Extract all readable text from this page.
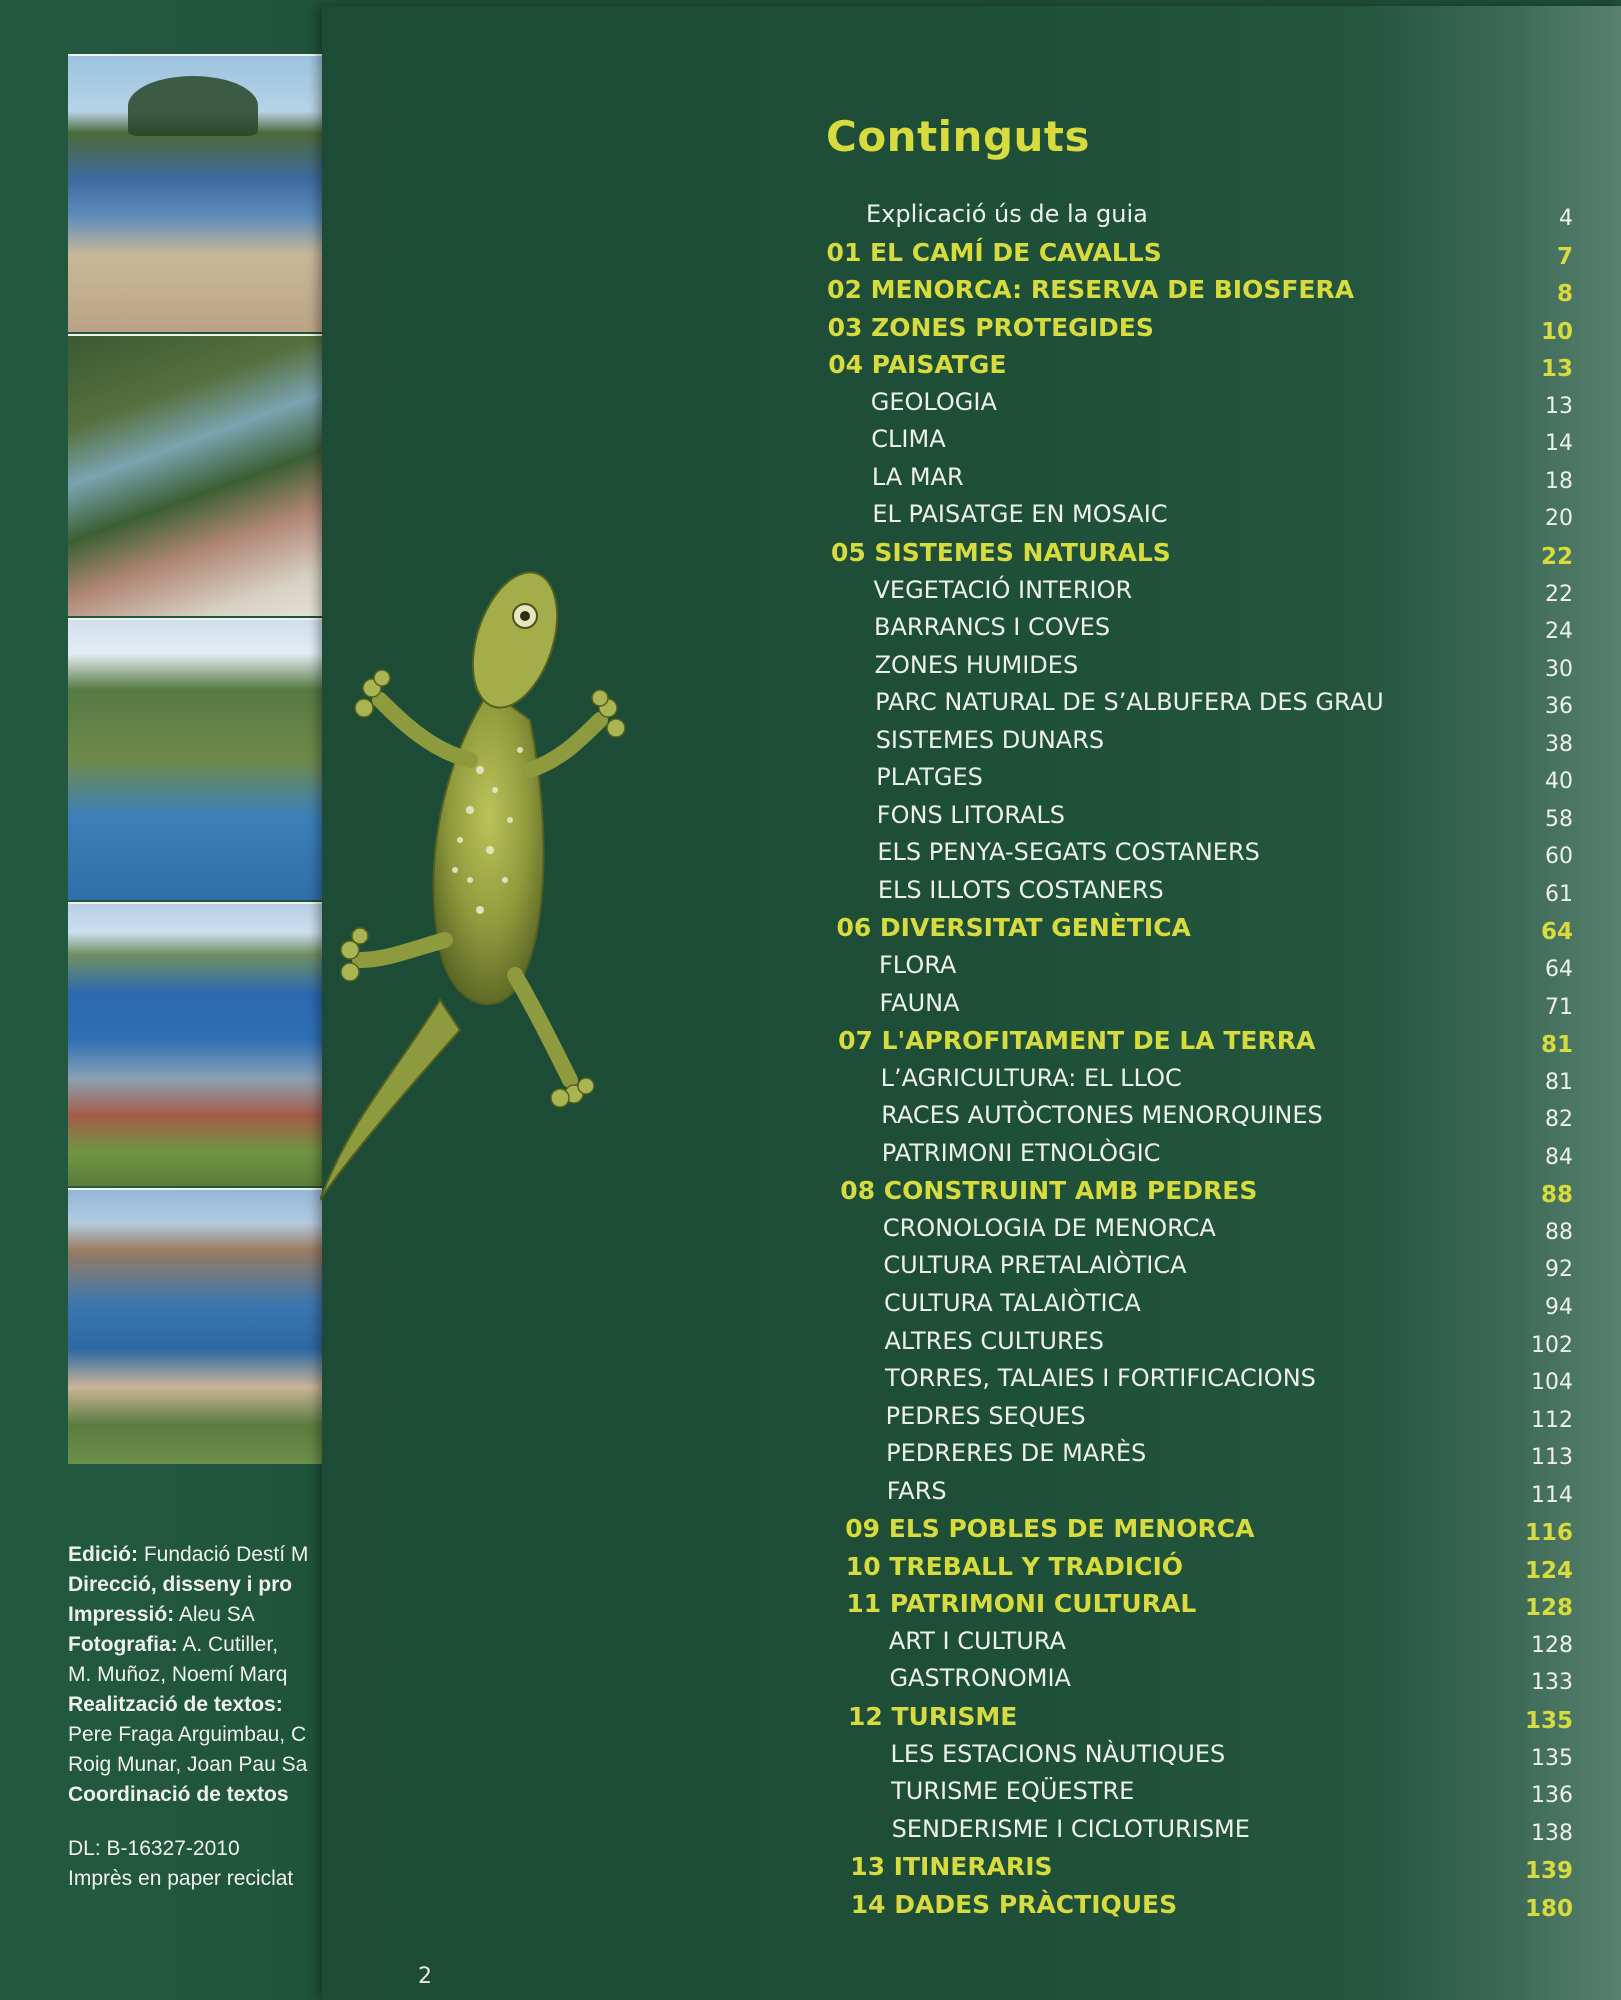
Edició: Fundació Destí M
Direcció, disseny i pro
Impressió: Aleu SA
Fotografia: A. Cutiller,
M. Muñoz, Noemí Marq
Realització de textos:
Pere Fraga Arguimbau, C
Roig Munar, Joan Pau Sa
Coordinació de textos
DL: B-16327-2010
Imprès en paper reciclat
Continguts
Explicació ús de la guia	4
01 EL CAMÍ DE CAVALLS	7
02 MENORCA: RESERVA DE BIOSFERA	8
03 ZONES PROTEGIDES	10
04 PAISATGE	13
GEOLOGIA	13
CLIMA	14
LA MAR	18
EL PAISATGE EN MOSAIC	20
05 SISTEMES NATURALS	22
VEGETACIÓ INTERIOR	22
BARRANCS I COVES	24
ZONES HUMIDES	30
PARC NATURAL DE S’ALBUFERA DES GRAU	36
SISTEMES DUNARS	38
PLATGES	40
FONS LITORALS	58
ELS PENYA-SEGATS COSTANERS	60
ELS ILLOTS COSTANERS	61
06 DIVERSITAT GENÈTICA	64
FLORA	64
FAUNA	71
07 L'APROFITAMENT DE LA TERRA	81
L’AGRICULTURA: EL LLOC	81
RACES AUTÒCTONES MENORQUINES	82
PATRIMONI ETNOLÒGIC	84
08 CONSTRUINT AMB PEDRES	88
CRONOLOGIA DE MENORCA	88
CULTURA PRETALAIÒTICA	92
CULTURA TALAIÒTICA	94
ALTRES CULTURES	102
TORRES, TALAIES I FORTIFICACIONS	104
PEDRES SEQUES	112
PEDRERES DE MARÈS	113
FARS	114
09 ELS POBLES DE MENORCA	116
10 TREBALL Y TRADICIÓ	124
11 PATRIMONI CULTURAL	128
ART I CULTURA	128
GASTRONOMIA	133
12 TURISME	135
LES ESTACIONS NÀUTIQUES	135
TURISME EQÜESTRE	136
SENDERISME I CICLOTURISME	138
13 ITINERARIS	139
14 DADES PRÀCTIQUES	180
2
